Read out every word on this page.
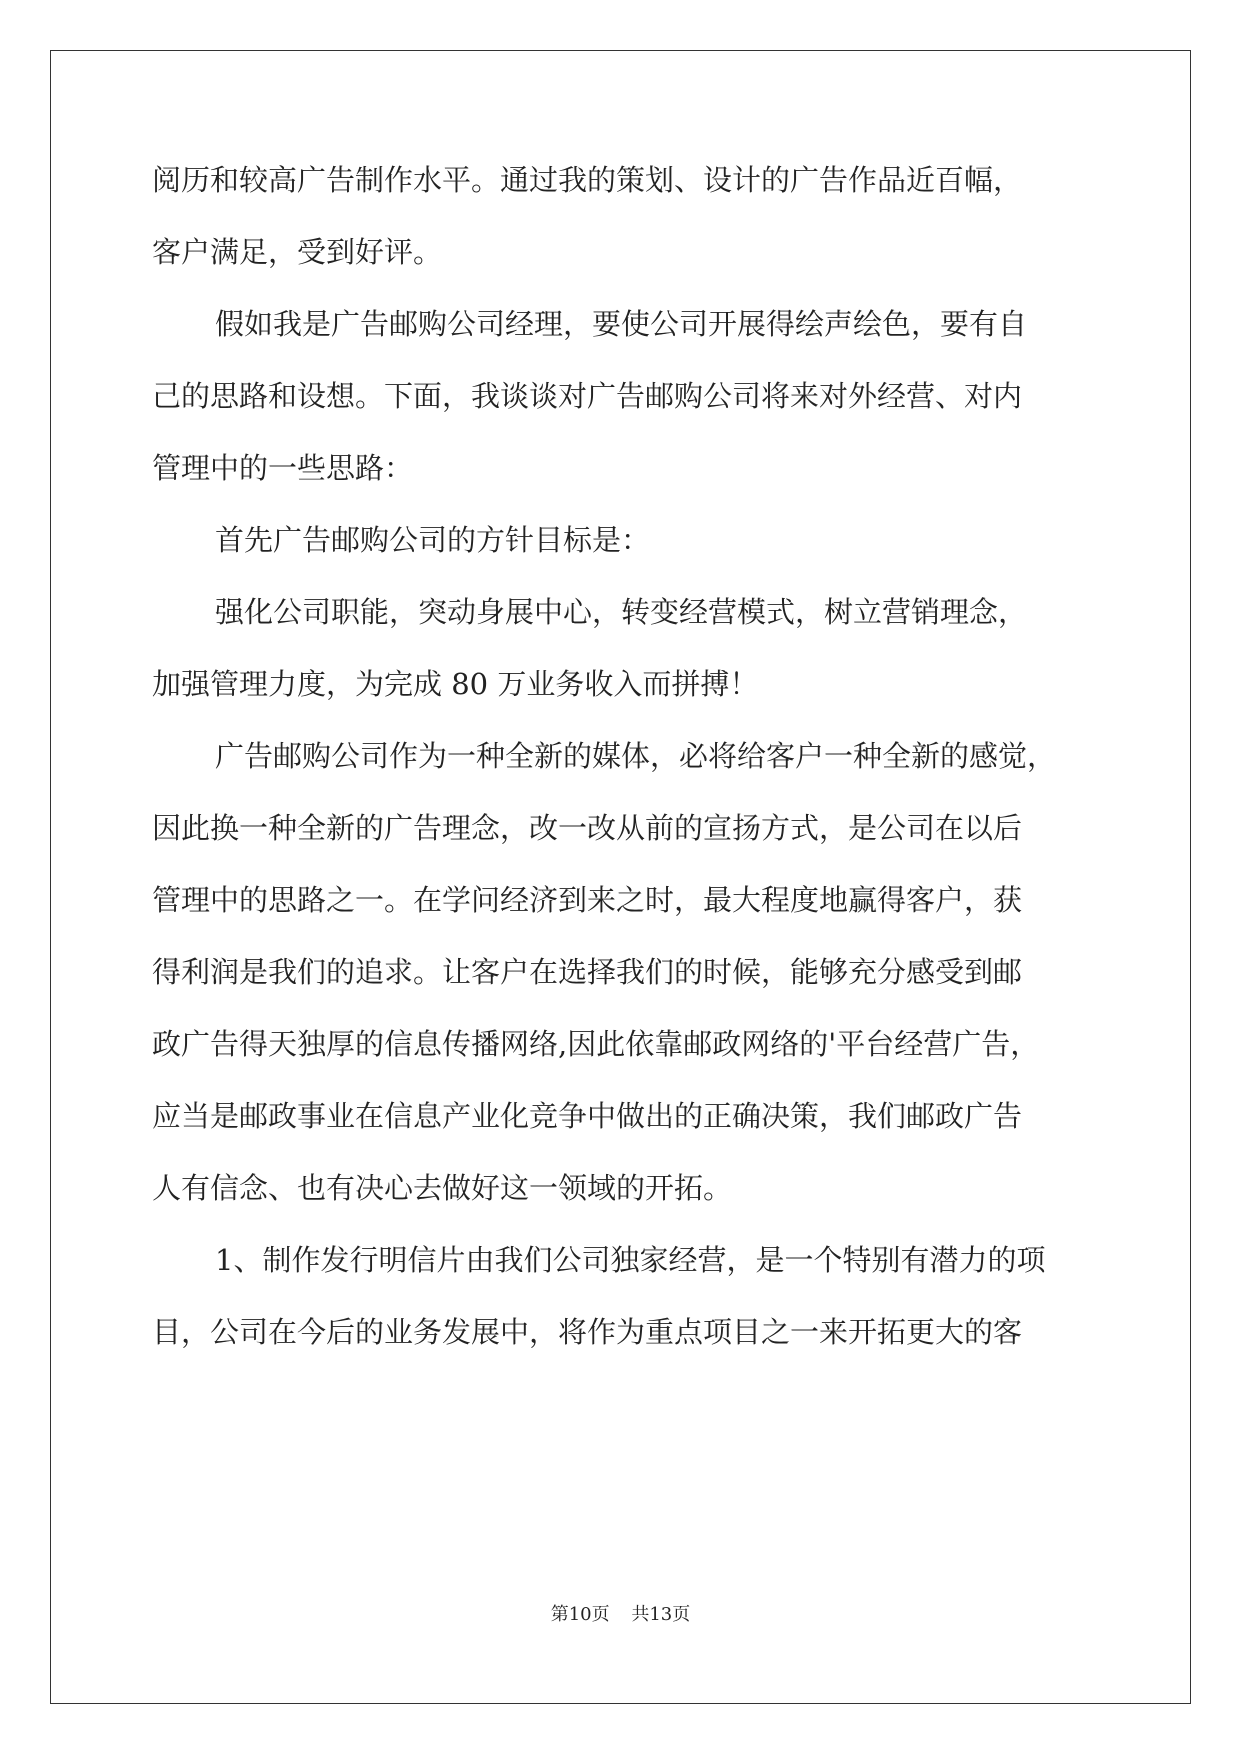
阅历和较高广告制作水平。通过我的策划、设计的广告作品近百幅，
客户满足，受到好评。
假如我是广告邮购公司经理，要使公司开展得绘声绘色，要有自
己的思路和设想。下面，我谈谈对广告邮购公司将来对外经营、对内
管理中的一些思路：
首先广告邮购公司的方针目标是：
强化公司职能，突动身展中心，转变经营模式，树立营销理念，
加强管理力度，为完成 80 万业务收入而拼搏！
广告邮购公司作为一种全新的媒体，必将给客户一种全新的感觉，
因此换一种全新的广告理念，改一改从前的宣扬方式，是公司在以后
管理中的思路之一。在学问经济到来之时，最大程度地赢得客户，获
得利润是我们的追求。让客户在选择我们的时候，能够充分感受到邮
政广告得天独厚的信息传播网络,因此依靠邮政网络的'平台经营广告，
应当是邮政事业在信息产业化竞争中做出的正确决策，我们邮政广告
人有信念、也有决心去做好这一领域的开拓。
1、制作发行明信片由我们公司独家经营，是一个特别有潜力的项
目，公司在今后的业务发展中，将作为重点项目之一来开拓更大的客
第10页 共13页
